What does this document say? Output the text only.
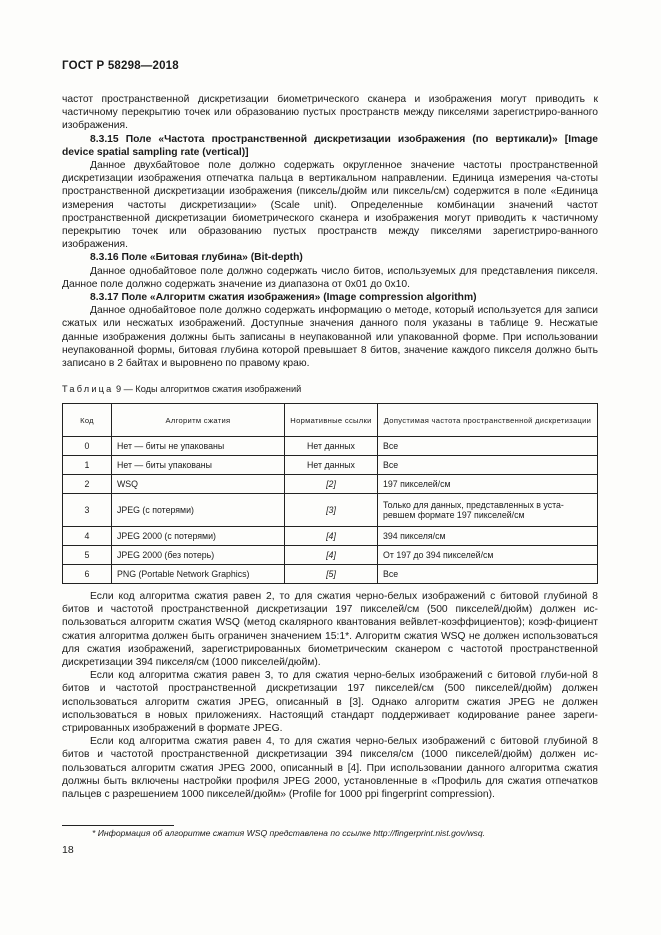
ГОСТ Р 58298—2018

частот пространственной дискретизации биометрического сканера и изображения могут приводить к частичному перекрытию точек или образованию пустых пространств между пикселями зарегистриро-ванного изображения.

8.3.15 Поле «Частота пространственной дискретизации изображения (по вертикали)» [Image device spatial sampling rate (vertical)]

Данное двухбайтовое поле должно содержать округленное значение частоты пространственной дискретизации изображения отпечатка пальца в вертикальном направлении. Единица измерения ча-стоты пространственной дискретизации изображения (пиксель/дюйм или пиксель/см) содержится в поле «Единица измерения частоты дискретизации» (Scale unit). Определенные комбинации значений частот пространственной дискретизации биометрического сканера и изображения могут приводить к частичному перекрытию точек или образованию пустых пространств между пикселями зарегистриро-ванного изображения.

8.3.16 Поле «Битовая глубина» (Bit-depth)

Данное однобайтовое поле должно содержать число битов, используемых для представления пикселя. Данное поле должно содержать значение из диапазона от 0x01 до 0x10.

8.3.17 Поле «Алгоритм сжатия изображения» (Image compression algorithm)

Данное однобайтовое поле должно содержать информацию о методе, который используется для записи сжатых или несжатых изображений. Доступные значения данного поля указаны в таблице 9. Несжатые данные изображения должны быть записаны в неупакованной или упакованной форме. При использовании неупакованной формы, битовая глубина которой превышает 8 битов, значение каждого пикселя должно быть записано в 2 байтах и выровнено по правому краю.

Таблица 9 — Коды алгоритмов сжатия изображений
Код	Алгоритм сжатия	Нормативные ссылки	Допустимая частота пространственной дискретизации
0	Нет — биты не упакованы	Нет данных	Все
1	Нет — биты упакованы	Нет данных	Все
2	WSQ	[2]	197 пикселей/см
3	JPEG (с потерями)	[3]	Только для данных, представленных в уста-ревшем формате 197 пикселей/см
4	JPEG 2000 (с потерями)	[4]	394 пикселя/см
5	JPEG 2000 (без потерь)	[4]	От 197 до 394 пикселей/см
6	PNG (Portable Network Graphics)	[5]	Все

Если код алгоритма сжатия равен 2, то для сжатия черно-белых изображений с битовой глубиной 8 битов и частотой пространственной дискретизации 197 пикселей/см (500 пикселей/дюйм) должен ис-пользоваться алгоритм сжатия WSQ (метод скалярного квантования вейвлет-коэффициентов); коэф-фициент сжатия алгоритма должен быть ограничен значением 15:1*. Алгоритм сжатия WSQ не должен использоваться для сжатия изображений, зарегистрированных биометрическим сканером с частотой пространственной дискретизации 394 пикселя/см (1000 пикселей/дюйм).

Если код алгоритма сжатия равен 3, то для сжатия черно-белых изображений с битовой глуби-ной 8 битов и частотой пространственной дискретизации 197 пикселей/см (500 пикселей/дюйм) должен использоваться алгоритм сжатия JPEG, описанный в [3]. Однако алгоритм сжатия JPEG не должен использоваться в новых приложениях. Настоящий стандарт поддерживает кодирование ранее зареги-стрированных изображений в формате JPEG.

Если код алгоритма сжатия равен 4, то для сжатия черно-белых изображений с битовой глубиной 8 битов и частотой пространственной дискретизации 394 пикселя/см (1000 пикселей/дюйм) должен ис-пользоваться алгоритм сжатия JPEG 2000, описанный в [4]. При использовании данного алгоритма сжатия должны быть включены настройки профиля JPEG 2000, установленные в «Профиль для сжатия отпечатков пальцев с разрешением 1000 пикселей/дюйм» (Profile for 1000 ppi fingerprint compression).

* Информация об алгоритме сжатия WSQ представлена по ссылке http://fingerprint.nist.gov/wsq.
18
